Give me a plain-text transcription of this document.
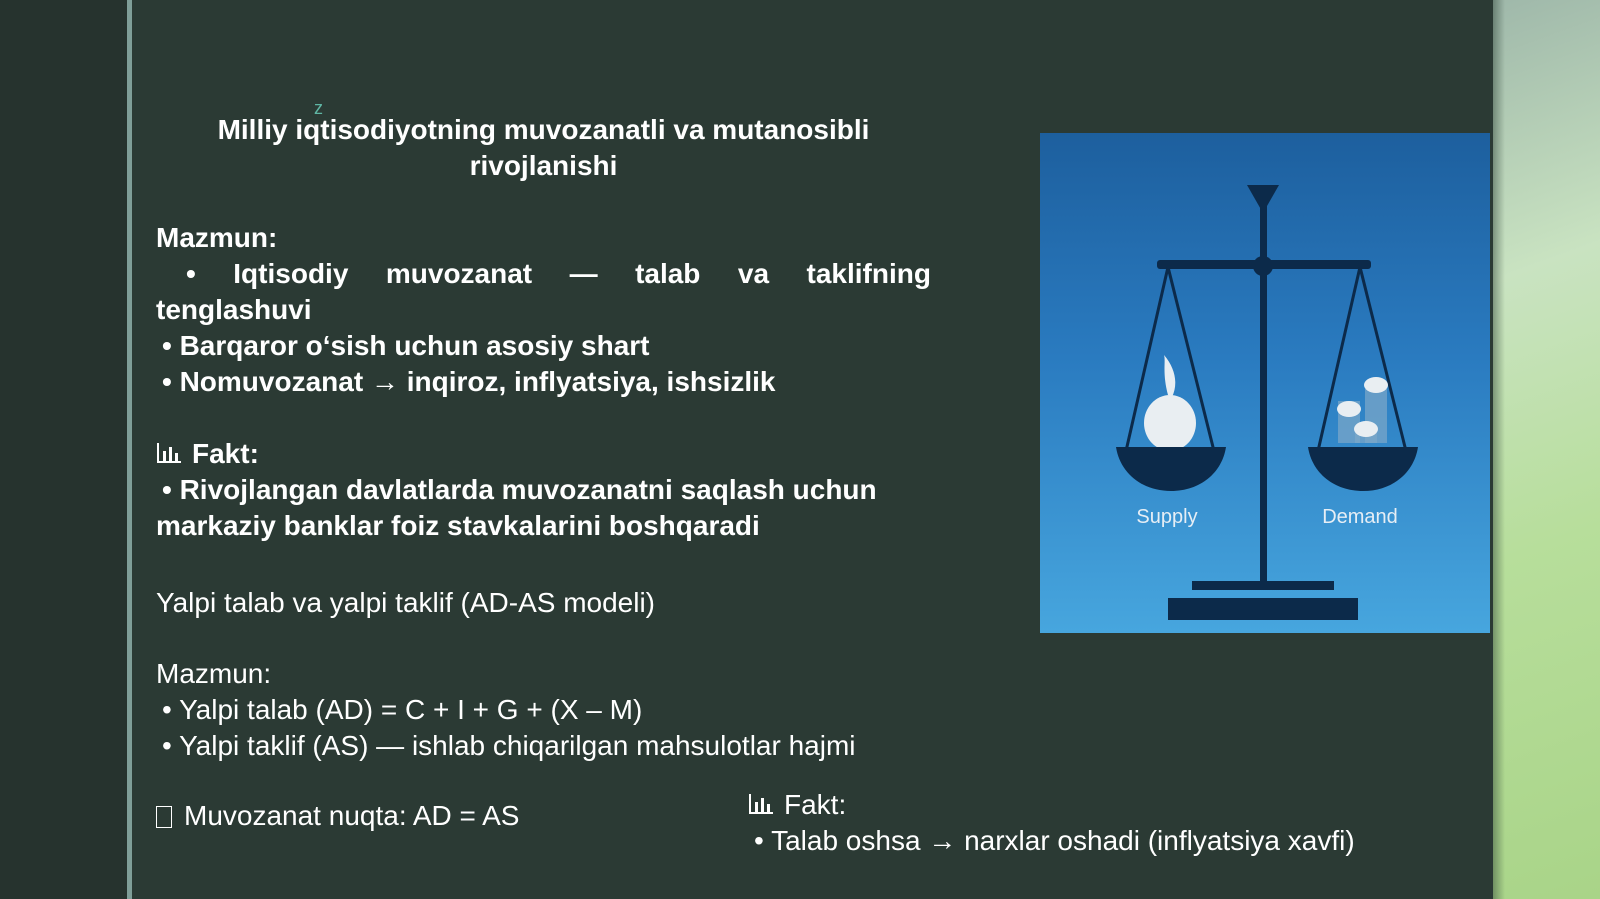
z
Milliy iqtisodiyotning muvozanatli va mutanosibli rivojlanishi
Mazmun:
• Iqtisodiy muvozanat — talab va taklifning
tenglashuvi
• Barqaror o‘sish uchun asosiy shart
• Nomuvozanat → inqiroz, inflyatsiya, ishsizlik
Fakt:
• Rivojlangan davlatlarda muvozanatni saqlash uchun
markaziy banklar foiz stavkalarini boshqaradi
Yalpi talab va yalpi taklif (AD-AS modeli)
Mazmun:
• Yalpi talab (AD) = C + I + G + (X – M)
• Yalpi taklif (AS) — ishlab chiqarilgan mahsulotlar hajmi
Muvozanat nuqta: AD = AS	Fakt:
• Talab oshsa → narxlar oshadi (inflyatsiya xavfi)
Supply	Demand
